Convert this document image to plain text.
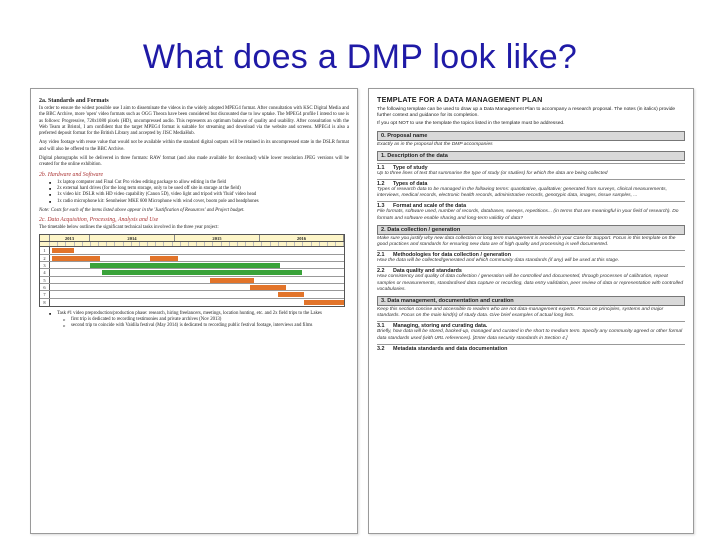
What does a DMP look like?
2a. Standards and Formats

In order to ensure the widest possible use I aim to disseminate the videos in the widely adopted MPEG4 format. After consultation with KSC Digital Media and the BBC Archive, more 'open' video formats such as OGG Theora have been considered but discounted due to low uptake. The MPEG4 profile I intend to use is as follows: Progressive, 720x1080 pixels (HD), uncompressed audio. This represents an optimum balance of quality and usability. After consultation with the Web Team at Bristol, I am confident that the target MPEG4 format is suitable for streaming and download via the website and screens. MPEG4 is also a preferred deposit format for the British Library and accepted by JISC MediaHub.

Any video footage with reuse value that would not be available within the standard digital outputs will be retained in its uncompressed state in the DSLR format and will also be offered to the BBC Archive.

Digital photographs will be delivered in three formats: RAW format (and also made available for download) while lower resolution JPEG versions will be created for the online exhibition.

2b. Hardware and Software
■ 1x laptop computer and Final Cut Pro video editing package to allow editing in the field
■ 2x external hard drives (for the long term storage, only to be used off site in storage at the field)
■ 1x video kit: DSLR with HD video capability (Canon 5D), video light and tripod with 'fluid' video head
■ 1x radio microphone kit: Sennheiser MKE 600 Microphone with wind cover, boom pole and headphones

Note: Costs for each of the items listed above appear in the 'Justification of Resources' and Project budget.

2c. Data Acquisition, Processing, Analysis and Use

The timetable below outlines the significant technical tasks involved in the three year project:

2013	2014	2015	2016
1
2
3
4
5
6
7
8
■ Task #1 video preproduction/production phase: research, hiring freelancers, meetings, location hunting, etc. and 2x field trips to the Lakes
o first trip is dedicated to recording testimonies and private archives (Nov 2013)
o second trip to coincide with Vaidila festival (May 2014) is dedicated to recording public festival footage, interviews and films
TEMPLATE FOR A DATA MANAGEMENT PLAN

The following template can be used to draw up a Data Management Plan to accompany a research proposal. The notes (in italics) provide further context and guidance for its completion.

If you opt NOT to use the template the topics listed in the template must be addressed.

0. Proposal name

Exactly as in the proposal that the DMP accompanies

1. Description of the data
1.1 Type of study

Up to three lines of text that summarise the type of study (or studies) for which the data are being collected

1.2 Types of data

Types of research data to be managed in the following terms: quantitative, qualitative; generated from surveys, clinical measurements, interviews, medical records, electronic health records, administrative records, genotypic data, images, tissue samples, ...

1.3 Format and scale of the data

File formats, software used, number of records, databases, sweeps, repetitions... (in terms that are meaningful in your field of research). Do formats and software enable sharing and long-term validity of data?

2. Data collection / generation

Make sure you justify why new data collection or long term management is needed in your Case for Support. Focus in this template on the good practices and standards for ensuring new data are of high quality and processing is well documented.

2.1 Methodologies for data collection / generation

How the data will be collected/generated and which community data standards (if any) will be used at this stage.

2.2 Data quality and standards

How consistency and quality of data collection / generation will be controlled and documented, through processes of calibration, repeat samples or measurements, standardised data capture or recording, data entry validation, peer review of data or representation with controlled vocabularies.

3. Data management, documentation and curation

Keep this section concise and accessible to readers who are not data-management experts. Focus on principles, systems and major standards. Focus on the main kind(s) of study data. Give brief examples of actual long lists.

3.1 Managing, storing and curating data.

Briefly, how data will be stored, backed-up, managed and curated in the short to medium term. Specify any community agreed or other formal data standards used (with URL references). [Enter data security standards in Section 4.]

3.2 Metadata standards and data documentation
